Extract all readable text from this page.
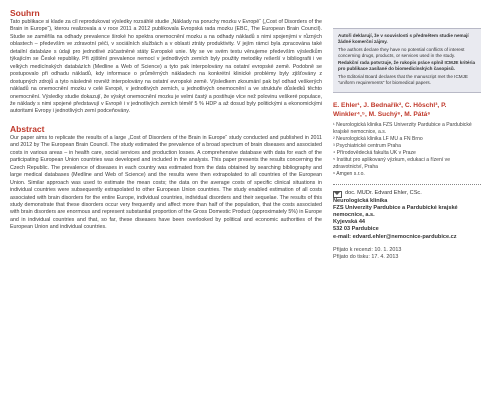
Souhrn

Tato publikace si klade za cíl reprodukovat výsledky rozsáhlé studie „Náklady na poruchy mozku v Evropě“ („Cost of Disorders of the Brain in Europe“), kterou realizovala a v roce 2011 a 2012 publikovala Evropská rada mozku (EBC, The European Brain Council). Studie se zaměřila na odhady prevalence široké ho spektra onemocnění mozku a na odhady nákladů s nimi spojenými v různých oblastech – především ve zdravotní péči, v sociálních službách a v oblasti ztráty produktivity. V jejím rámci byla zpracována také detailní databáze s údaji pro jednotlivé zúčastněné státy Evropské unie. My se ve svém textu věnujeme především výsledkům týkajícím se České republiky. Při zjištění prevalence nemocí v jednotlivých zemích byly použity metodiky rešerší v bibliografii i ve velkých medicínských databázích (Medline a Web of Science) a tyto pak interpolovány na ostatní evropské země. Podobně se postupovalo při odhadu nákladů, kdy informace o průměrných nákladech na konkrétní klinické problémy byly zjišťovány z dostupných zdrojů a tyto následně rovněž interpolovány na ostatní evropské země. Výsledkem zkoumání pak byl odhad veškerých nákladů na onemocnění mozku v celé Evropě, v jednotlivých zemích, u jednotlivých onemocnění a ve struktuře důsledků těchto onemocnění. Výsledky studie dokazují, že výskyt onemocnění mozku je velmi častý a postihuje více než polovinu veškeré populace, že náklady s nimi spojené představují v Evropě i v jednotlivých zemích téměř 5 % HDP a až dosud byly politickými a ekonomickými autoritami Evropy i jednotlivých zemí podceňovány.

Abstract

Our paper aims to replicate the results of a large „Cost of Disorders of the Brain in Europe“ study conducted and published in 2011 and 2012 by The European Brain Council. The study estimated the prevalence of a broad spectrum of brain diseases and associated costs in various areas – in health care, social services and production losses. A comprehensive database with data for each of the participating European Union countries was developed and included in the analysis. This paper presents the results concerning the Czech Republic. The prevalence of diseases in each country was estimated from the data obtained by searching bibliography and large medical databases (Medline and Web of Science) and the results were then extrapolated to all countries of the European Union. Similar approach was used to estimate the mean costs; the data on the average costs of specific clinical situations in individual countries were subsequently extrapolated to other European Union countries. The study enabled estimation of all costs associated with brain disorders for the entire Europe, individual countries, individual disorders and their sequelae. The results of this study demonstrate that these disorders occur very frequently and affect more than half of the population, that the costs associated with brain disorders are enormous and represent substantial proportion of the Gross Domestic Product (approximately 5%) in Europe and in individual countries and that, so far, these diseases have been overlooked by political and economic authorities of the European Union and individual countries.

Autoři deklarují, že v souvislosti s předmětem studie nemají žádné komerční zájmy.

The authors declare they have no potential conflicts of interest concerning drugs, products, or services used in the study.

Redakční rada potvrzuje, že rukopis práce splnil ICMJE kritéria pro publikace zasílané do biomedicínských časopisů.

The Editorial Board declares that the manuscript met the ICMJE “uniform requirements” for biomedical papers.

E. Ehler¹, J. Bednařík², C. Höschl³, P. Winkler⁴,⁵, M. Suchý⁶, M. Pátá⁶
¹ Neurologická klinika FZS Univerzity Pardubice a Pardubické krajské nemocnice, a.s.
² Neurologická klinika LF MU a FN Brno
³ Psychiatrické centrum Praha
⁴ Přírodovědecká fakulta UK v Praze
⁵ Institut pro aplikovaný výzkum, edukaci a řízení ve zdravotnictví, Praha
⁶ Amgen s.r.o.
doc. MUDr. Edvard Ehler, CSc.
Neurologická klinika
FZS Univerzity Pardubice a Pardubické krajské nemocnice, a.s.
Kyjevská 44
532 03 Pardubice
e-mail: edvard.ehler@nemocnice-pardubice.cz
Přijato k recenzi: 10. 1. 2013
Přijato do tisku: 17. 4. 2013
